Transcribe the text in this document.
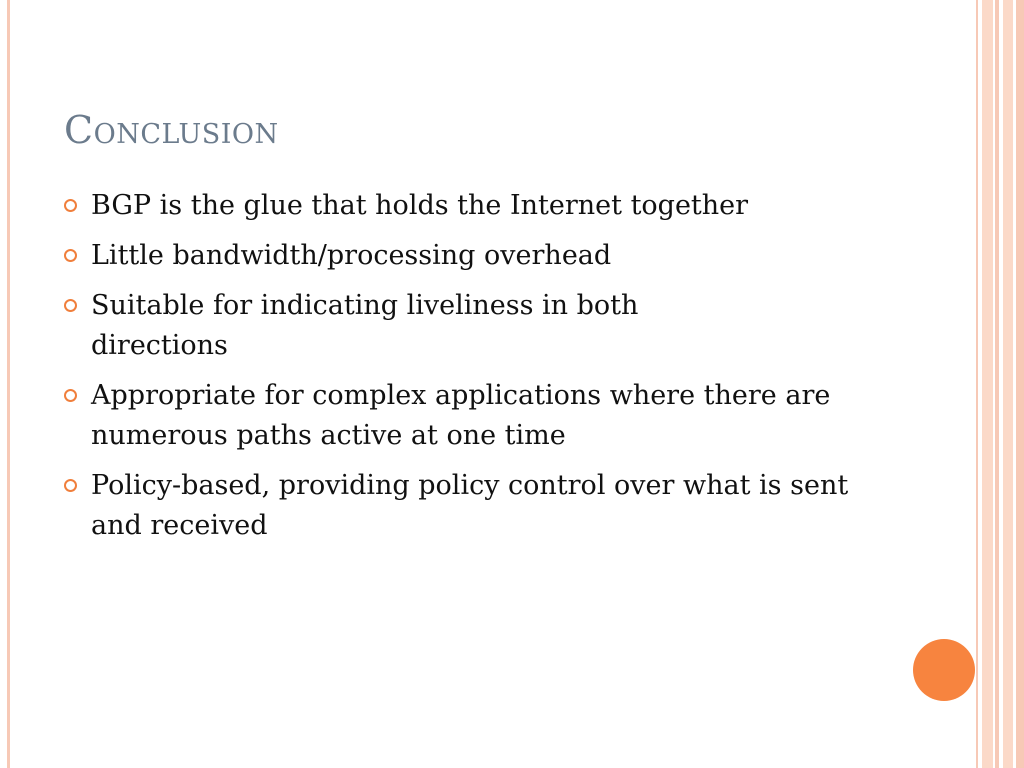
Conclusion
BGP is the glue that holds the Internet together
Little bandwidth/processing overhead
Suitable for indicating liveliness in both directions
Appropriate for complex applications where there are numerous paths active at one time
Policy-based, providing policy control over what is sent and received
